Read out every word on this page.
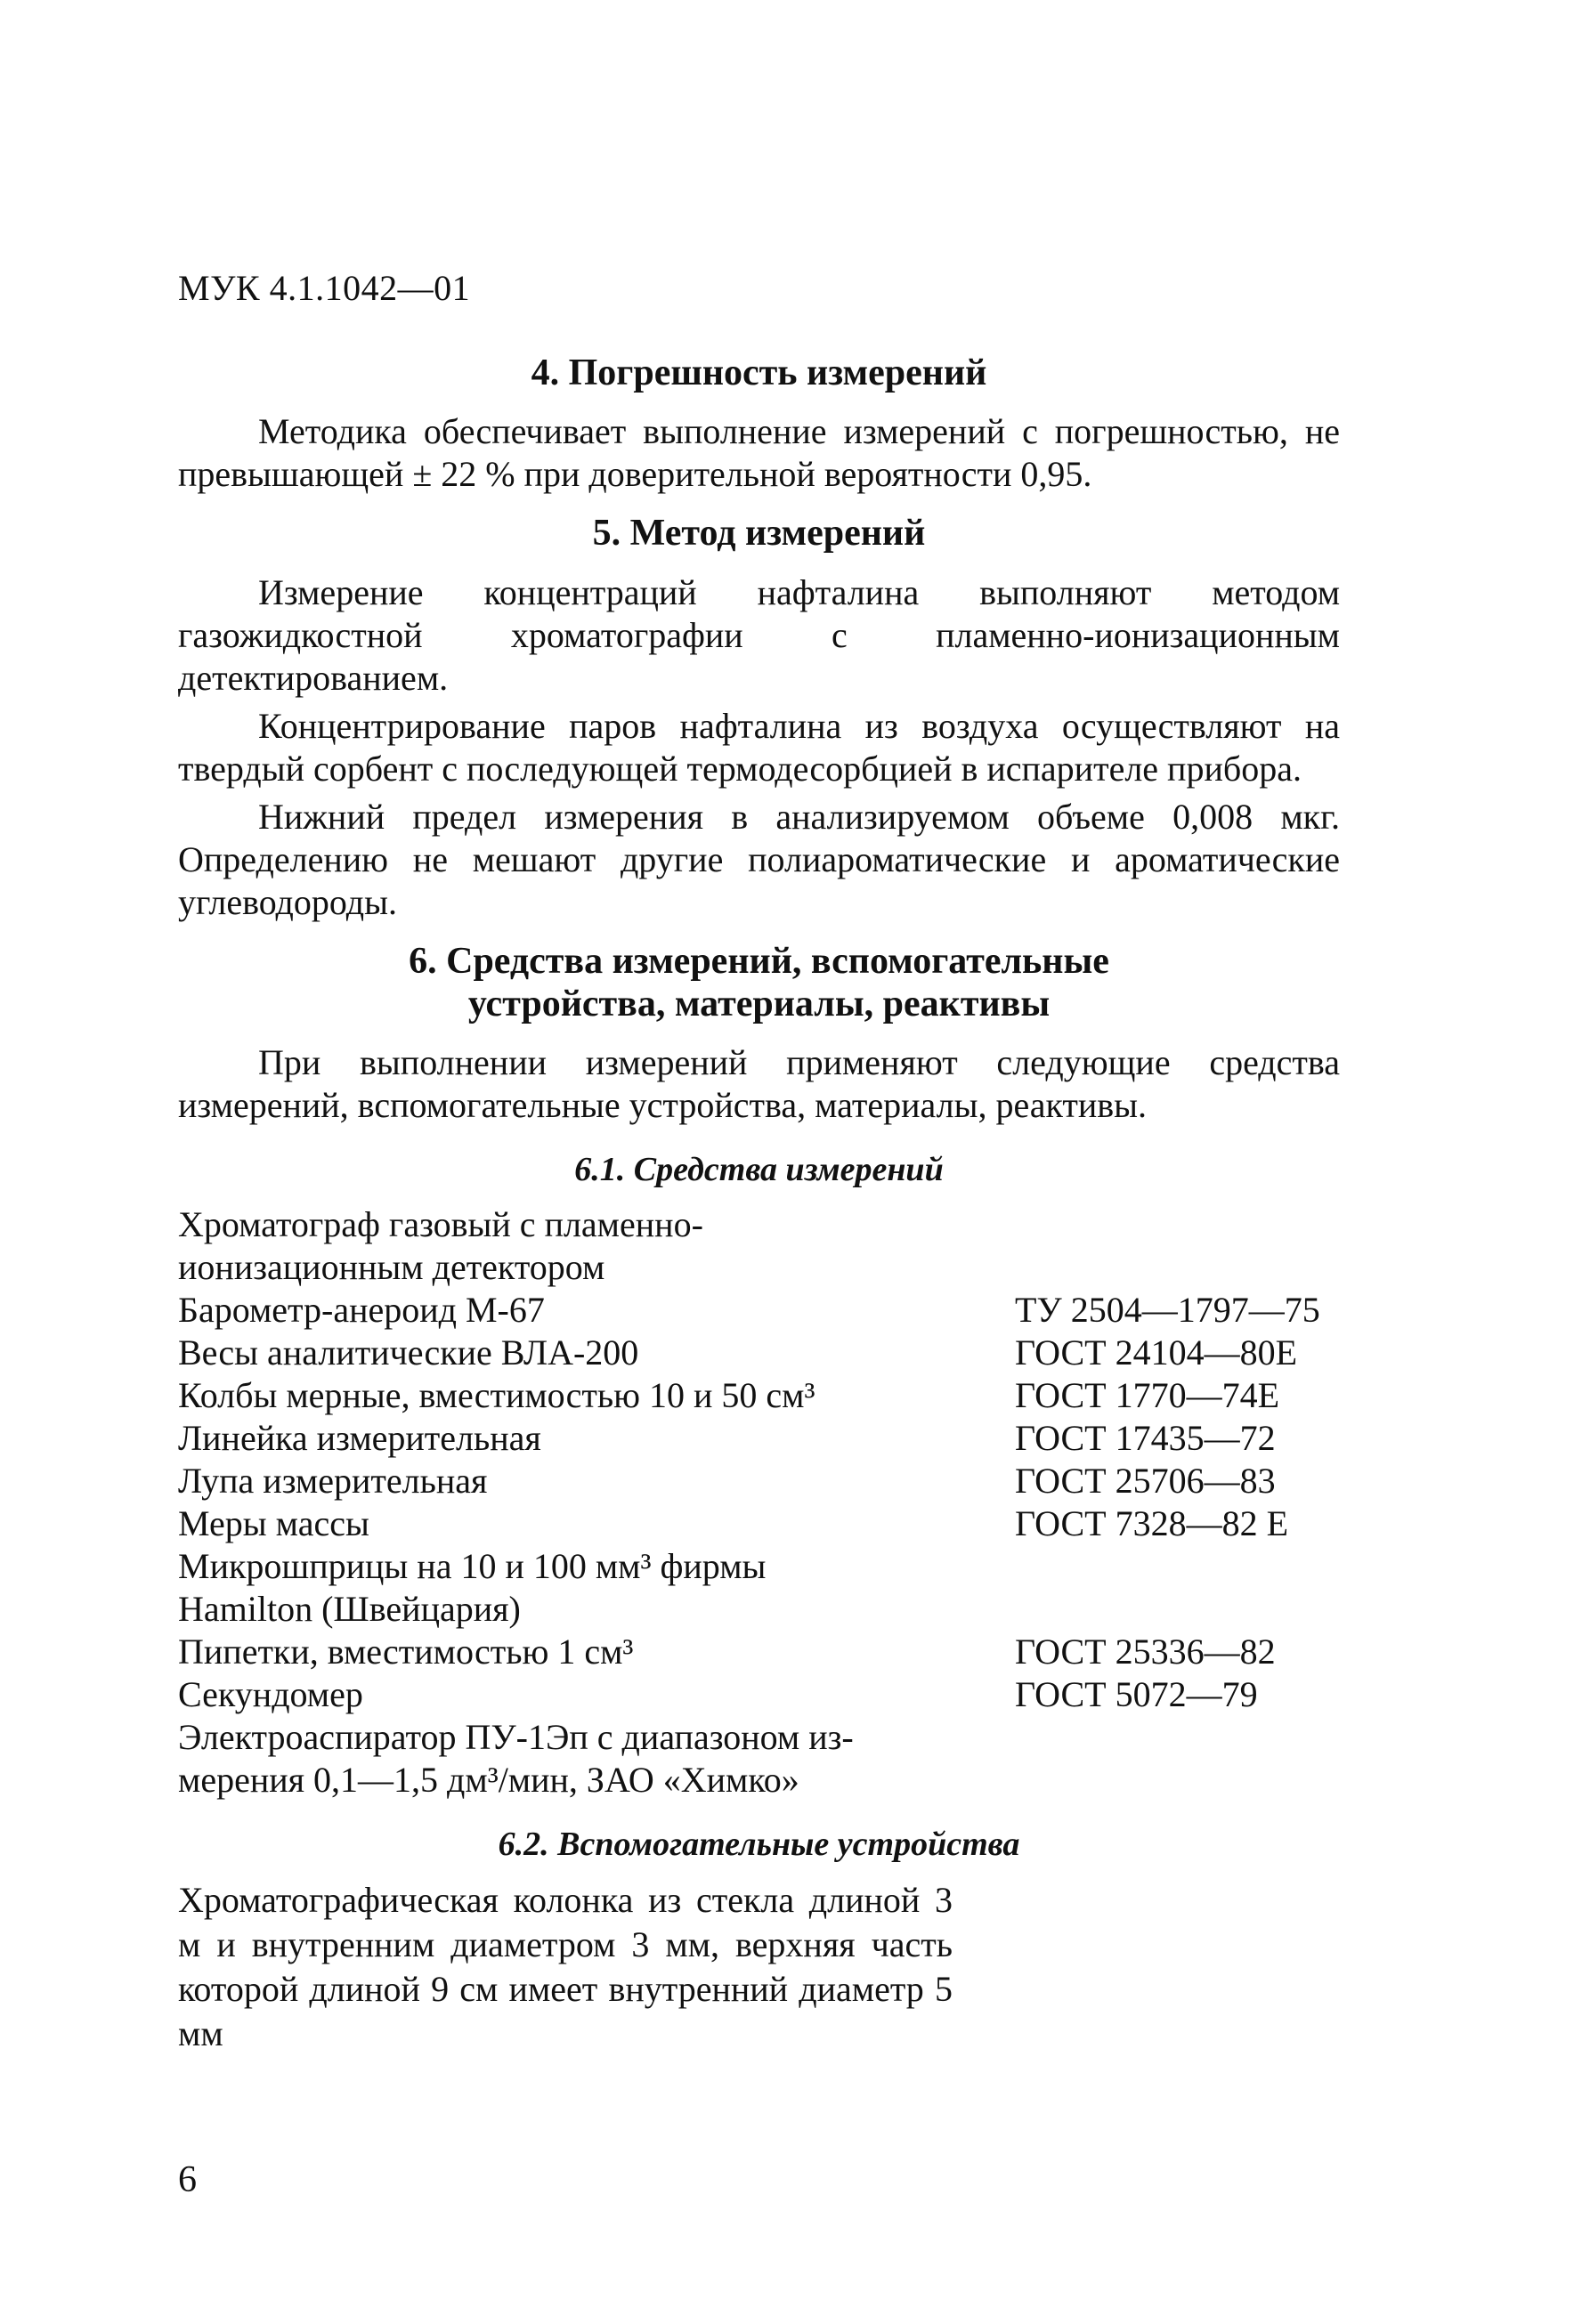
МУК 4.1.1042—01
4. Погрешность измерений

Методика обеспечивает выполнение измерений с погрешностью, не превышающей ± 22 % при доверительной вероятности 0,95.

5. Метод измерений

Измерение концентраций нафталина выполняют методом газожидкостной хроматографии с пламенно-ионизационным детектированием.

Концентрирование паров нафталина из воздуха осуществляют на твердый сорбент с последующей термодесорбцией в испарителе прибора.

Нижний предел измерения в анализируемом объеме 0,008 мкг. Определению не мешают другие полиароматические и ароматические углеводороды.

6. Средства измерений, вспомогательные устройства, материалы, реактивы

При выполнении измерений применяют следующие средства измерений, вспомогательные устройства, материалы, реактивы.

6.1. Средства измерений
Хроматограф газовый с пламенно-
ионизационным детектором
Барометр-анероид М-67	ТУ 2504—1797—75
Весы аналитические ВЛА-200	ГОСТ 24104—80Е
Колбы мерные, вместимостью 10 и 50 см³	ГОСТ 1770—74Е
Линейка измерительная	ГОСТ 17435—72
Лупа измерительная	ГОСТ 25706—83
Меры массы	ГОСТ 7328—82 Е
Микрошприцы на 10 и 100 мм³ фирмы
Hamilton (Швейцария)
Пипетки, вместимостью 1 см³	ГОСТ 25336—82
Секундомер	ГОСТ 5072—79
Электроаспиратор ПУ-1Эп с диапазоном из-
мерения 0,1—1,5 дм³/мин, ЗАО «Химко»
6.2. Вспомогательные устройства
Хроматографическая колонка из стекла длиной 3 м и внутренним диаметром 3 мм, верхняя часть которой длиной 9 см имеет внутренний диаметр 5 мм
6
